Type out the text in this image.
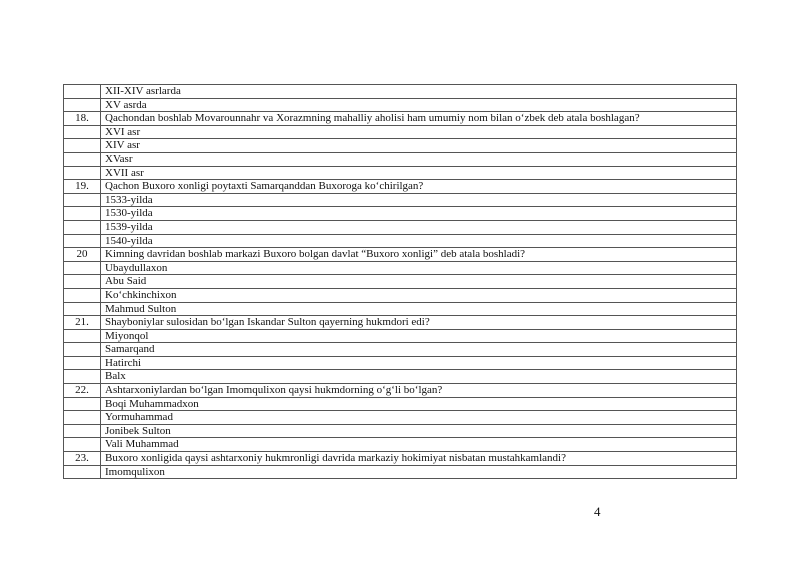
	XII-XIV asrlarda
	XV asrda
18.	Qachondan boshlab Movarounnahr va Xorazmning mahalliy aholisi ham umumiy nom bilan o‘zbek deb atala boshlagan?
	XVI asr
	XIV asr
	XVasr
	XVII asr
19.	Qachon Buxoro xonligi poytaxti Samarqanddan Buxoroga ko‘chirilgan?
	1533-yilda
	1530-yilda
	1539-yilda
	1540-yilda
20	Kimning davridan boshlab markazi Buxoro bolgan davlat “Buxoro xonligi” deb atala boshladi?
	Ubaydullaxon
	Abu Said
	Ko‘chkinchixon
	Mahmud Sulton
21.	Shayboniylar sulosidan bo‘lgan Iskandar Sulton qayerning hukmdori edi?
	Miyonqol
	Samarqand
	Hatirchi
	Balx
22.	Ashtarxoniylardan bo‘lgan Imomqulixon qaysi hukmdorning o‘g‘li bo‘lgan?
	Boqi Muhammadxon
	Yormuhammad
	Jonibek Sulton
	Vali Muhammad
23.	Buxoro xonligida qaysi ashtarxoniy hukmronligi davrida markaziy hokimiyat nisbatan mustahkamlandi?
	Imomqulixon
4
